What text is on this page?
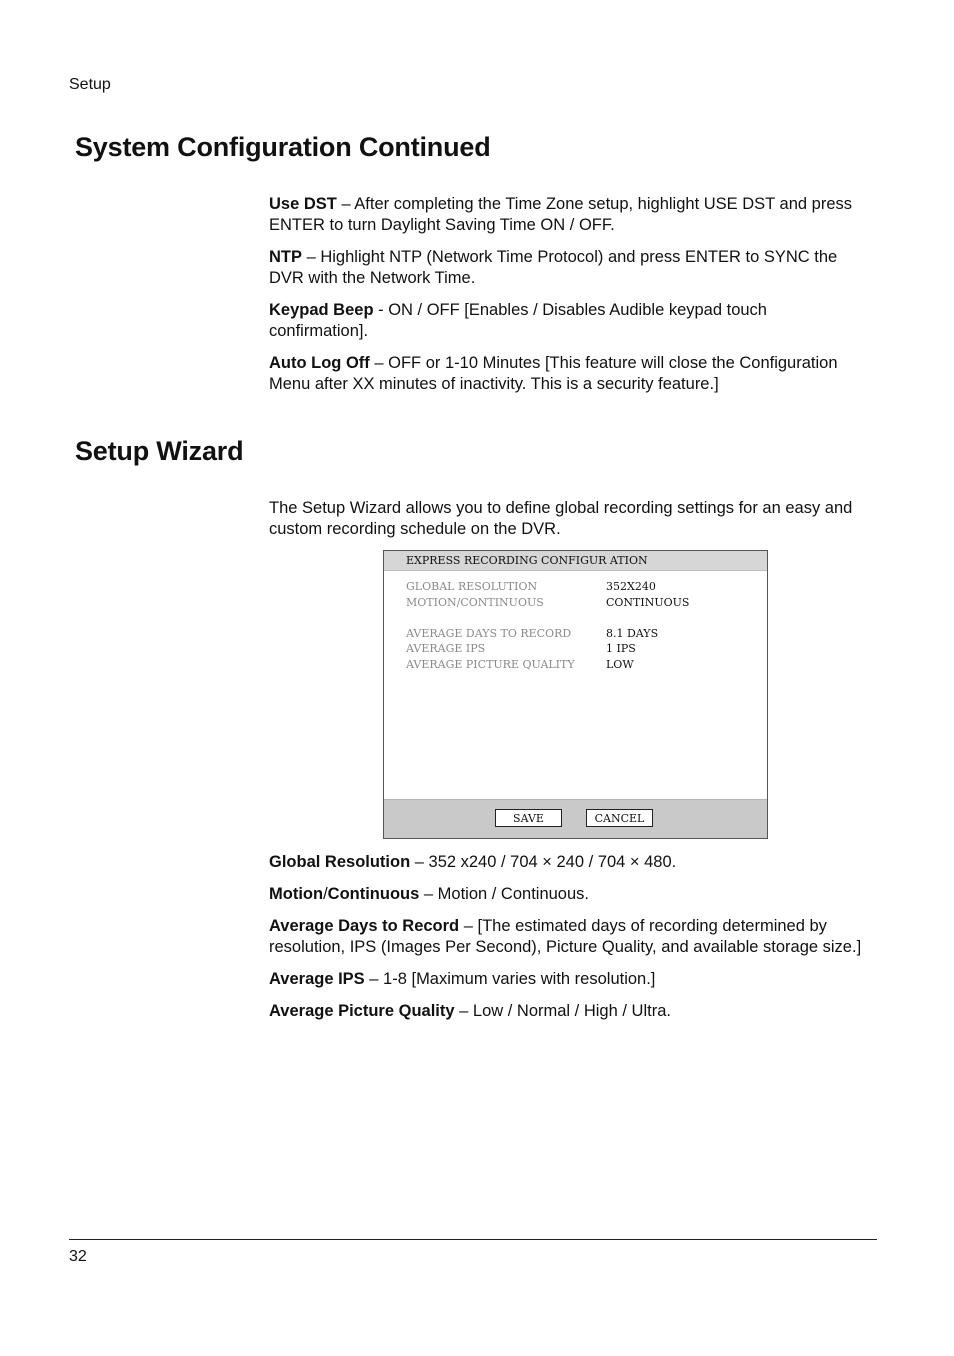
Setup
System Configuration Continued

Use DST – After completing the Time Zone setup, highlight USE DST and press ENTER to turn Daylight Saving Time ON / OFF.

NTP – Highlight NTP (Network Time Protocol) and press ENTER to SYNC the DVR with the Network Time.

Keypad Beep - ON / OFF [Enables / Disables Audible keypad touch confirmation].

Auto Log Off – OFF or 1-10 Minutes [This feature will close the Configuration Menu after XX minutes of inactivity. This is a security feature.]

Setup Wizard

The Setup Wizard allows you to define global recording settings for an easy and custom recording schedule on the DVR.

EXPRESS RECORDING CONFIGUR ATION
GLOBAL RESOLUTION	352X240
MOTION/CONTINUOUS	CONTINUOUS
AVERAGE DAYS TO RECORD	8.1 DAYS
AVERAGE IPS	1 IPS
AVERAGE PICTURE QUALITY	LOW
SAVE	CANCEL

Global Resolution – 352 x240 / 704 × 240 / 704 × 480.

Motion/Continuous – Motion / Continuous.

Average Days to Record – [The estimated days of recording determined by resolution, IPS (Images Per Second), Picture Quality, and available storage size.]

Average IPS – 1-8 [Maximum varies with resolution.]

Average Picture Quality – Low / Normal / High / Ultra.

32
